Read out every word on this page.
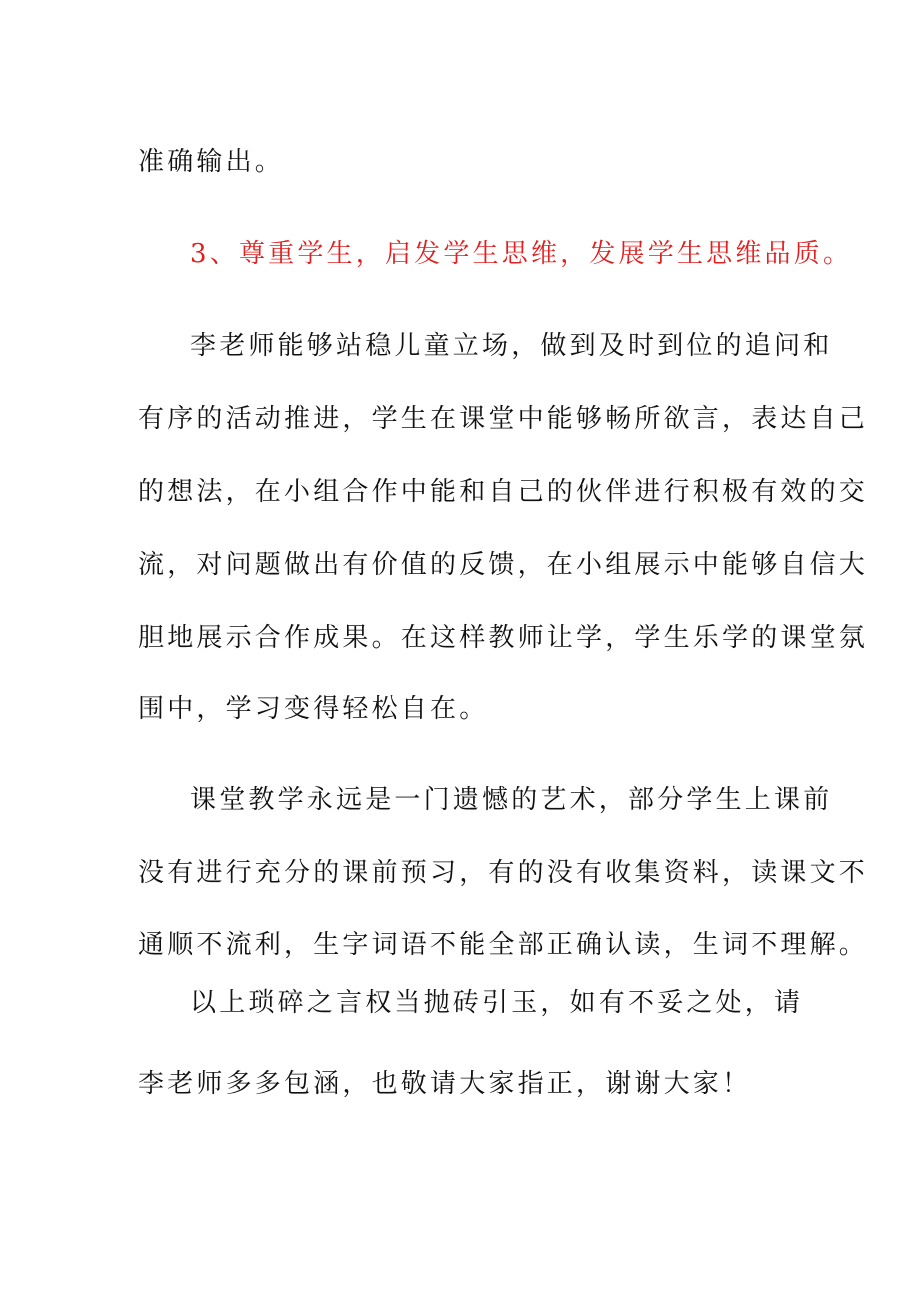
准确输出。
3、尊重学生，启发学生思维，发展学生思维品质。
李老师能够站稳儿童立场，做到及时到位的追问和
有序的活动推进，学生在课堂中能够畅所欲言，表达自己
的想法，在小组合作中能和自己的伙伴进行积极有效的交
流，对问题做出有价值的反馈，在小组展示中能够自信大
胆地展示合作成果。在这样教师让学，学生乐学的课堂氛
围中，学习变得轻松自在。
课堂教学永远是一门遗憾的艺术，部分学生上课前
没有进行充分的课前预习，有的没有收集资料，读课文不
通顺不流利，生字词语不能全部正确认读，生词不理解。
以上琐碎之言权当抛砖引玉，如有不妥之处，请
李老师多多包涵，也敬请大家指正，谢谢大家！
